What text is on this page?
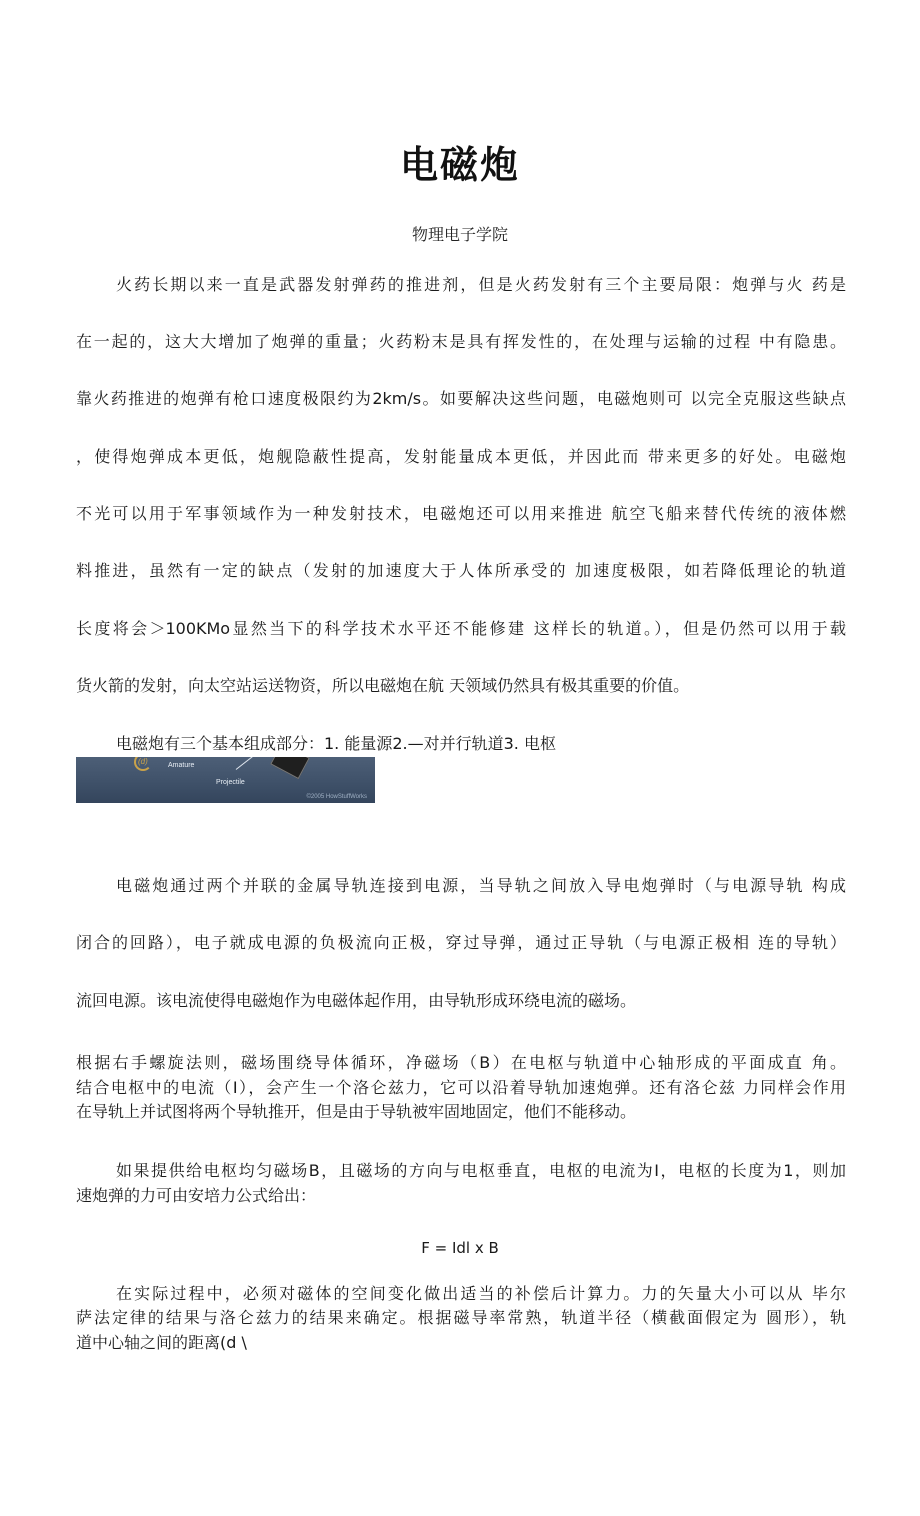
电磁炮
物理电子学院
火药长期以来一直是武器发射弹药的推进剂，但是火药发射有三个主要局限：炮弹与火 药是
在一起的，这大大增加了炮弹的重量；火药粉末是具有挥发性的，在处理与运输的过程 中有隐患。
靠火药推进的炮弹有枪口速度极限约为2km/s。如要解决这些问题，电磁炮则可 以完全克服这些缺点
，使得炮弹成本更低，炮舰隐蔽性提高，发射能量成本更低，并因此而 带来更多的好处。电磁炮
不光可以用于军事领域作为一种发射技术，电磁炮还可以用来推进 航空飞船来替代传统的液体燃
料推进，虽然有一定的缺点（发射的加速度大于人体所承受的 加速度极限，如若降低理论的轨道
长度将会＞100KMo显然当下的科学技术水平还不能修建 这样长的轨道。），但是仍然可以用于载
货火箭的发射，向太空站运送物资，所以电磁炮在航 天领域仍然具有极其重要的价值。
电磁炮有三个基本组成部分：1. 能量源2.—对并行轨道3. 电枢
Amature
(d)
Projectile
©2005 HowStuffWorks
电磁炮通过两个并联的金属导轨连接到电源，当导轨之间放入导电炮弹时（与电源导轨 构成
闭合的回路），电子就成电源的负极流向正极，穿过导弹，通过正导轨（与电源正极相 连的导轨）
流回电源。该电流使得电磁炮作为电磁体起作用，由导轨形成环绕电流的磁场。
根据右手螺旋法则，磁场围绕导体循环，净磁场（B）在电枢与轨道中心轴形成的平面成直 角。
结合电枢中的电流（I），会产生一个洛仑兹力，它可以沿着导轨加速炮弹。还有洛仑兹 力同样会作用
在导轨上并试图将两个导轨推开，但是由于导轨被牢固地固定，他们不能移动。
如果提供给电枢均匀磁场B，且磁场的方向与电枢垂直，电枢的电流为I，电枢的长度为1，则加
速炮弹的力可由安培力公式给出：
F = Idl x B
在实际过程中，必须对磁体的空间变化做出适当的补偿后计算力。力的矢量大小可以从 毕尔
萨法定律的结果与洛仑兹力的结果来确定。根据磁导率常熟，轨道半径（横截面假定为 圆形），轨
道中心轴之间的距离(d \
